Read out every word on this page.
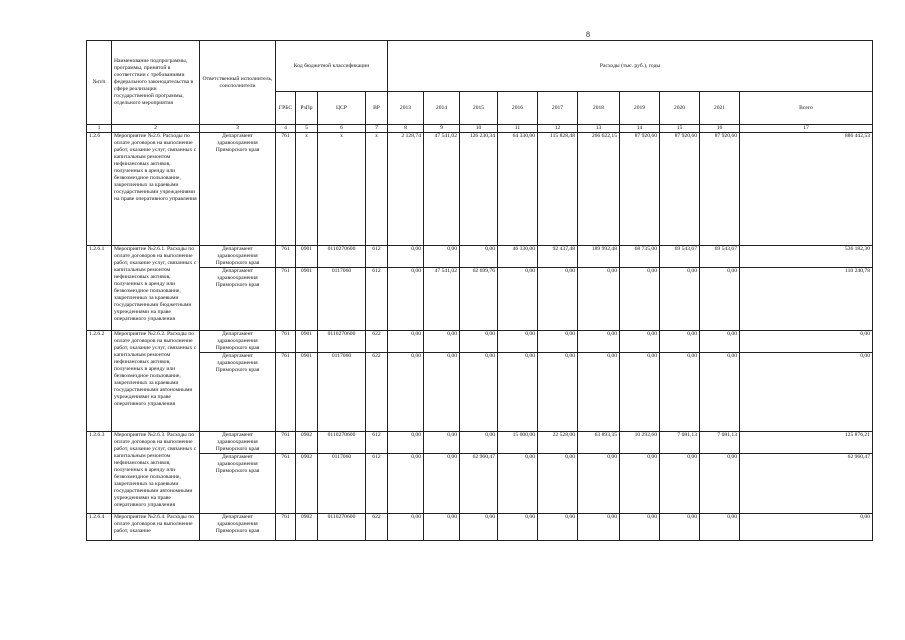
8
№п/п	Наименование подпрограммы, программы, принятой в соответствии с требованиями федерального законодательства в сфере реализации государственной программы, отдельного мероприятия	Ответственный исполнитель, соисполнители	Код бюджетной классификации				Расходы (тыс. руб.), годы									
			ГРБС	РзПр	ЦСР	ВР	2013	2014	2015	2016	2017	2018	2019	2020	2021	Всего
1	2	3	4	5	6	7	8	9	10	11	12	13	14	15	16	17
1.2.6	Мероприятие №2.6. Расходы по оплате договоров на выполнение работ, оказание услуг, связанных с капитальным ремонтом нефинансовых активов, полученных в аренду или безвозмездное пользование, закрепленных за краевыми государственными учреждениями на праве оперативного управления	Департамент здравоохранения Приморского края	761	х	х	х	2 128,74	47 541,02	126 230,34	64 330,00	115 828,48	266 622,15	87 920,60	87 920,60	87 920,60	886 442,53
1.2.6.1	Мероприятие №2.6.1. Расходы по оплате договоров на выполнение работ, оказание услуг, связанных с капитальным ремонтом нефинансовых активов, полученных в аренду или безвозмездное пользование, закрепленных за краевыми государственными бюджетными учреждениями на праве оперативного управления	Департамент здравоохранения Приморского края	761	0901	0110270600	612	0,00	0,00	0,00	46 330,00	92 437,48	189 992,48	68 735,00	69 543,67	69 543,67	536 182,30
		Департамент здравоохранения Приморского края	761	0901	0117060	612	0,00	47 541,02	62 699,76	0,00	0,00	0,00	0,00	0,00	0,00	110 240,78
1.2.6.2	Мероприятие №2.6.2. Расходы по оплате договоров на выполнение работ, оказание услуг, связанных с капитальным ремонтом нефинансовых активов, полученных в аренду или безвозмездное пользование, закрепленных за краевыми государственными автономными учреждениями на праве оперативного управления	Департамент здравоохранения Приморского края	761	0901	0110270600	622	0,00	0,00	0,00	0,00	0,00	0,00	0,00	0,00	0,00	0,00
		Департамент здравоохранения Приморского края	761	0901	0117060	622	0,00	0,00	0,00	0,00	0,00	0,00	0,00	0,00	0,00	0,00
1.2.6.3	Мероприятие №2.6.3. Расходы по оплате договоров на выполнение работ, оказание услуг, связанных с капитальным ремонтом нефинансовых активов, полученных в аренду или безвозмездное пользование, закрепленных за краевыми государственными автономными учреждениями на праве оперативного управления	Департамент здравоохранения Приморского края	761	0902	0110270600	612	0,00	0,00	0,00	15 000,00	22 528,00	63 893,35	10 292,60	7 081,13	7 081,13	125 876,21
		Департамент здравоохранения Приморского края	761	0902	0117060	612	0,00	0,00	62 960,47	0,00	0,00	0,00	0,00	0,00	0,00	62 960,47
1.2.6.4	Мероприятие №2.6.4. Расходы по оплате договоров на выполнение работ, оказание	Департамент здравоохранения Приморского края	761	0902	0110270600	622	0,00	0,00	0,00	0,00	0,00	0,00	0,00	0,00	0,00	0,00
